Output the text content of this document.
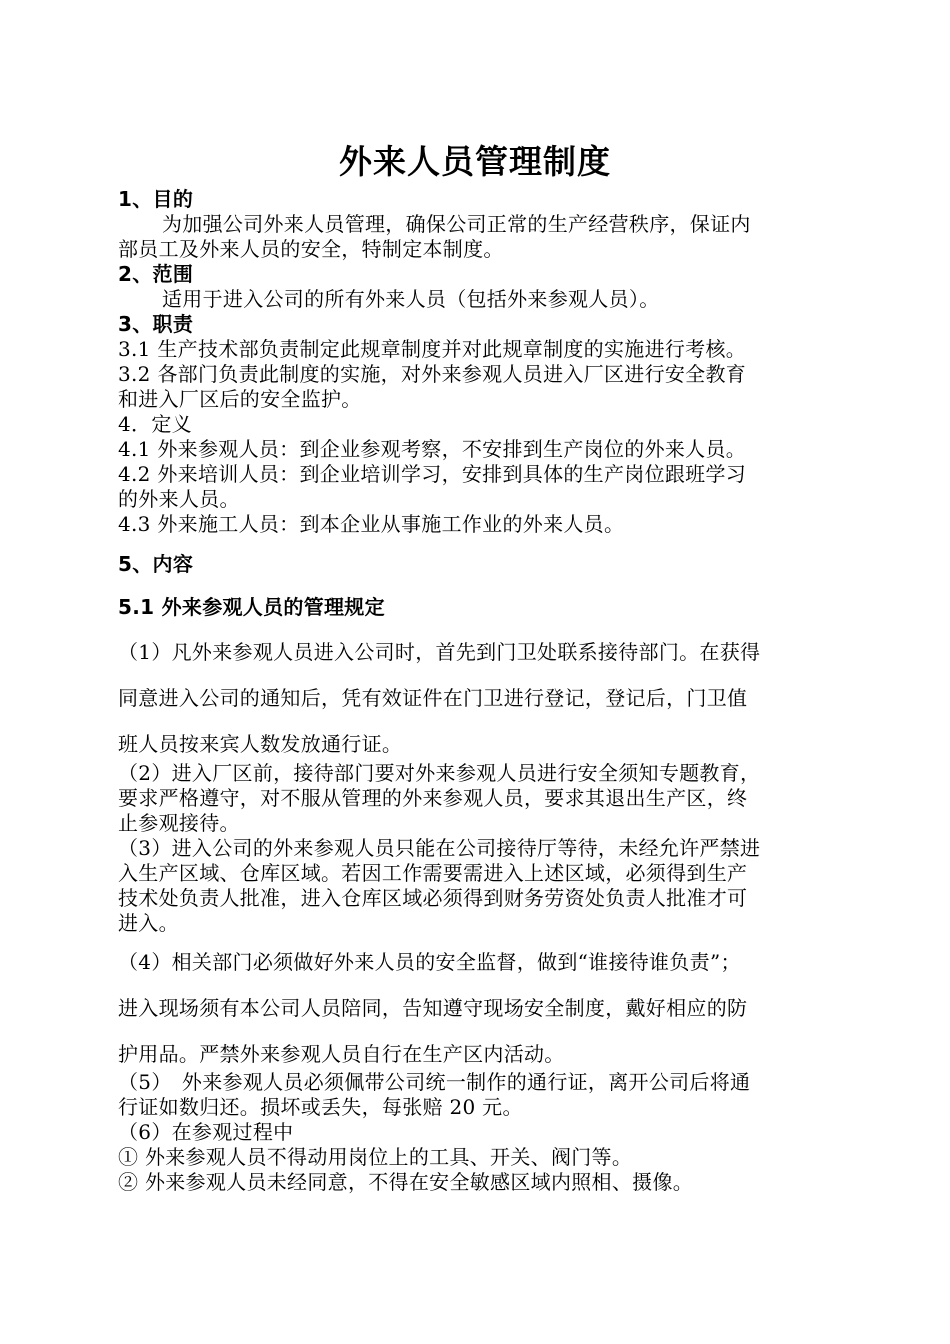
外来人员管理制度
1、目的
为加强公司外来人员管理，确保公司正常的生产经营秩序，保证内
部员工及外来人员的安全，特制定本制度。
2、范围
适用于进入公司的所有外来人员（包括外来参观人员）。
3、职责
3.1 生产技术部负责制定此规章制度并对此规章制度的实施进行考核。
3.2 各部门负责此制度的实施，对外来参观人员进入厂区进行安全教育
和进入厂区后的安全监护。
4．定义
4.1 外来参观人员：到企业参观考察，不安排到生产岗位的外来人员。
4.2 外来培训人员：到企业培训学习，安排到具体的生产岗位跟班学习
的外来人员。
4.3 外来施工人员：到本企业从事施工作业的外来人员。
5、内容
5.1 外来参观人员的管理规定
（1）凡外来参观人员进入公司时，首先到门卫处联系接待部门。在获得
同意进入公司的通知后，凭有效证件在门卫进行登记，登记后，门卫值
班人员按来宾人数发放通行证。
（2）进入厂区前，接待部门要对外来参观人员进行安全须知专题教育，
要求严格遵守，对不服从管理的外来参观人员，要求其退出生产区，终
止参观接待。
（3）进入公司的外来参观人员只能在公司接待厅等待，未经允许严禁进
入生产区域、仓库区域。若因工作需要需进入上述区域，必须得到生产
技术处负责人批准，进入仓库区域必须得到财务劳资处负责人批准才可
进入。
（4）相关部门必须做好外来人员的安全监督，做到“谁接待谁负责”；
进入现场须有本公司人员陪同，告知遵守现场安全制度，戴好相应的防
护用品。严禁外来参观人员自行在生产区内活动。
（5）　外来参观人员必须佩带公司统一制作的通行证，离开公司后将通
行证如数归还。损坏或丢失，每张赔 20 元。
（6）在参观过程中
① 外来参观人员不得动用岗位上的工具、开关、阀门等。
② 外来参观人员未经同意，不得在安全敏感区域内照相、摄像。
